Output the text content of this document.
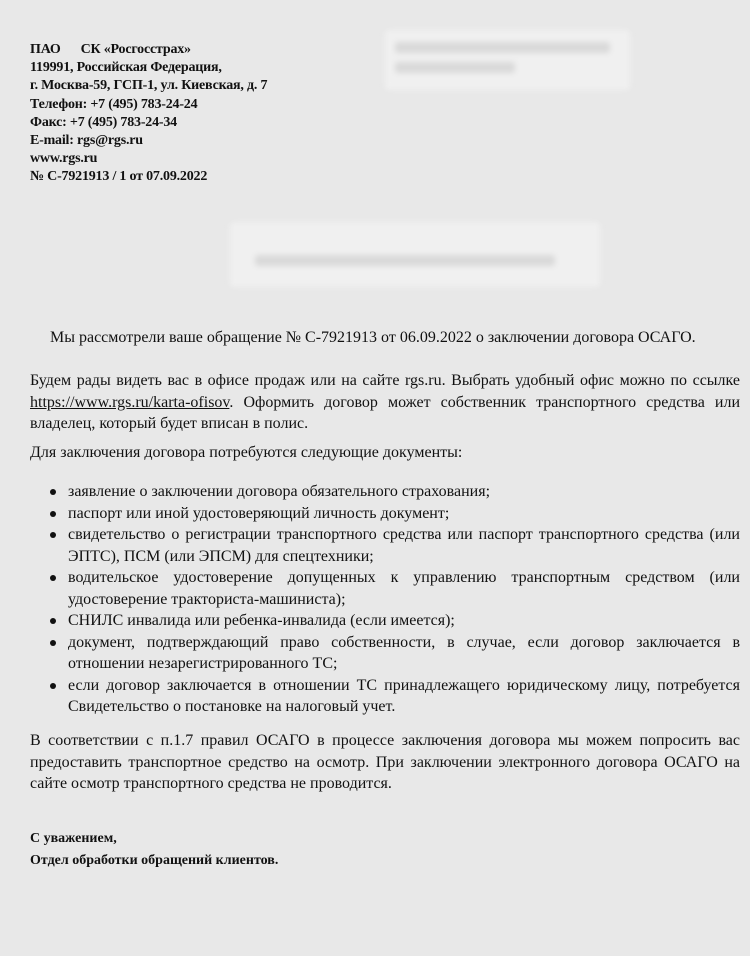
ПАО СК «Росгосстрах»
119991, Российская Федерация,
г. Москва-59, ГСП-1, ул. Киевская, д. 7
Телефон: +7 (495) 783-24-24
Факс: +7 (495) 783-24-34
E-mail: rgs@rgs.ru
www.rgs.ru
№ С-7921913 / 1 от 07.09.2022
Мы рассмотрели ваше обращение № С-7921913 от 06.09.2022 о заключении договора ОСАГО.
Будем рады видеть вас в офисе продаж или на сайте rgs.ru. Выбрать удобный офис можно по ссылке https://www.rgs.ru/karta-ofisov. Оформить договор может собственник транспортного средства или владелец, который будет вписан в полис.
Для заключения договора потребуются следующие документы:
заявление о заключении договора обязательного страхования;
паспорт или иной удостоверяющий личность документ;
свидетельство о регистрации транспортного средства или паспорт транспортного средства (или ЭПТС), ПСМ (или ЭПСМ) для спецтехники;
водительское удостоверение допущенных к управлению транспортным средством (или удостоверение тракториста-машиниста);
СНИЛС инвалида или ребенка-инвалида (если имеется);
документ, подтверждающий право собственности, в случае, если договор заключается в отношении незарегистрированного ТС;
если договор заключается в отношении ТС принадлежащего юридическому лицу, потребуется Свидетельство о постановке на налоговый учет.
В соответствии с п.1.7 правил ОСАГО в процессе заключения договора мы можем попросить вас предоставить транспортное средство на осмотр. При заключении электронного договора ОСАГО на сайте осмотр транспортного средства не проводится.
С уважением,
Отдел обработки обращений клиентов.
